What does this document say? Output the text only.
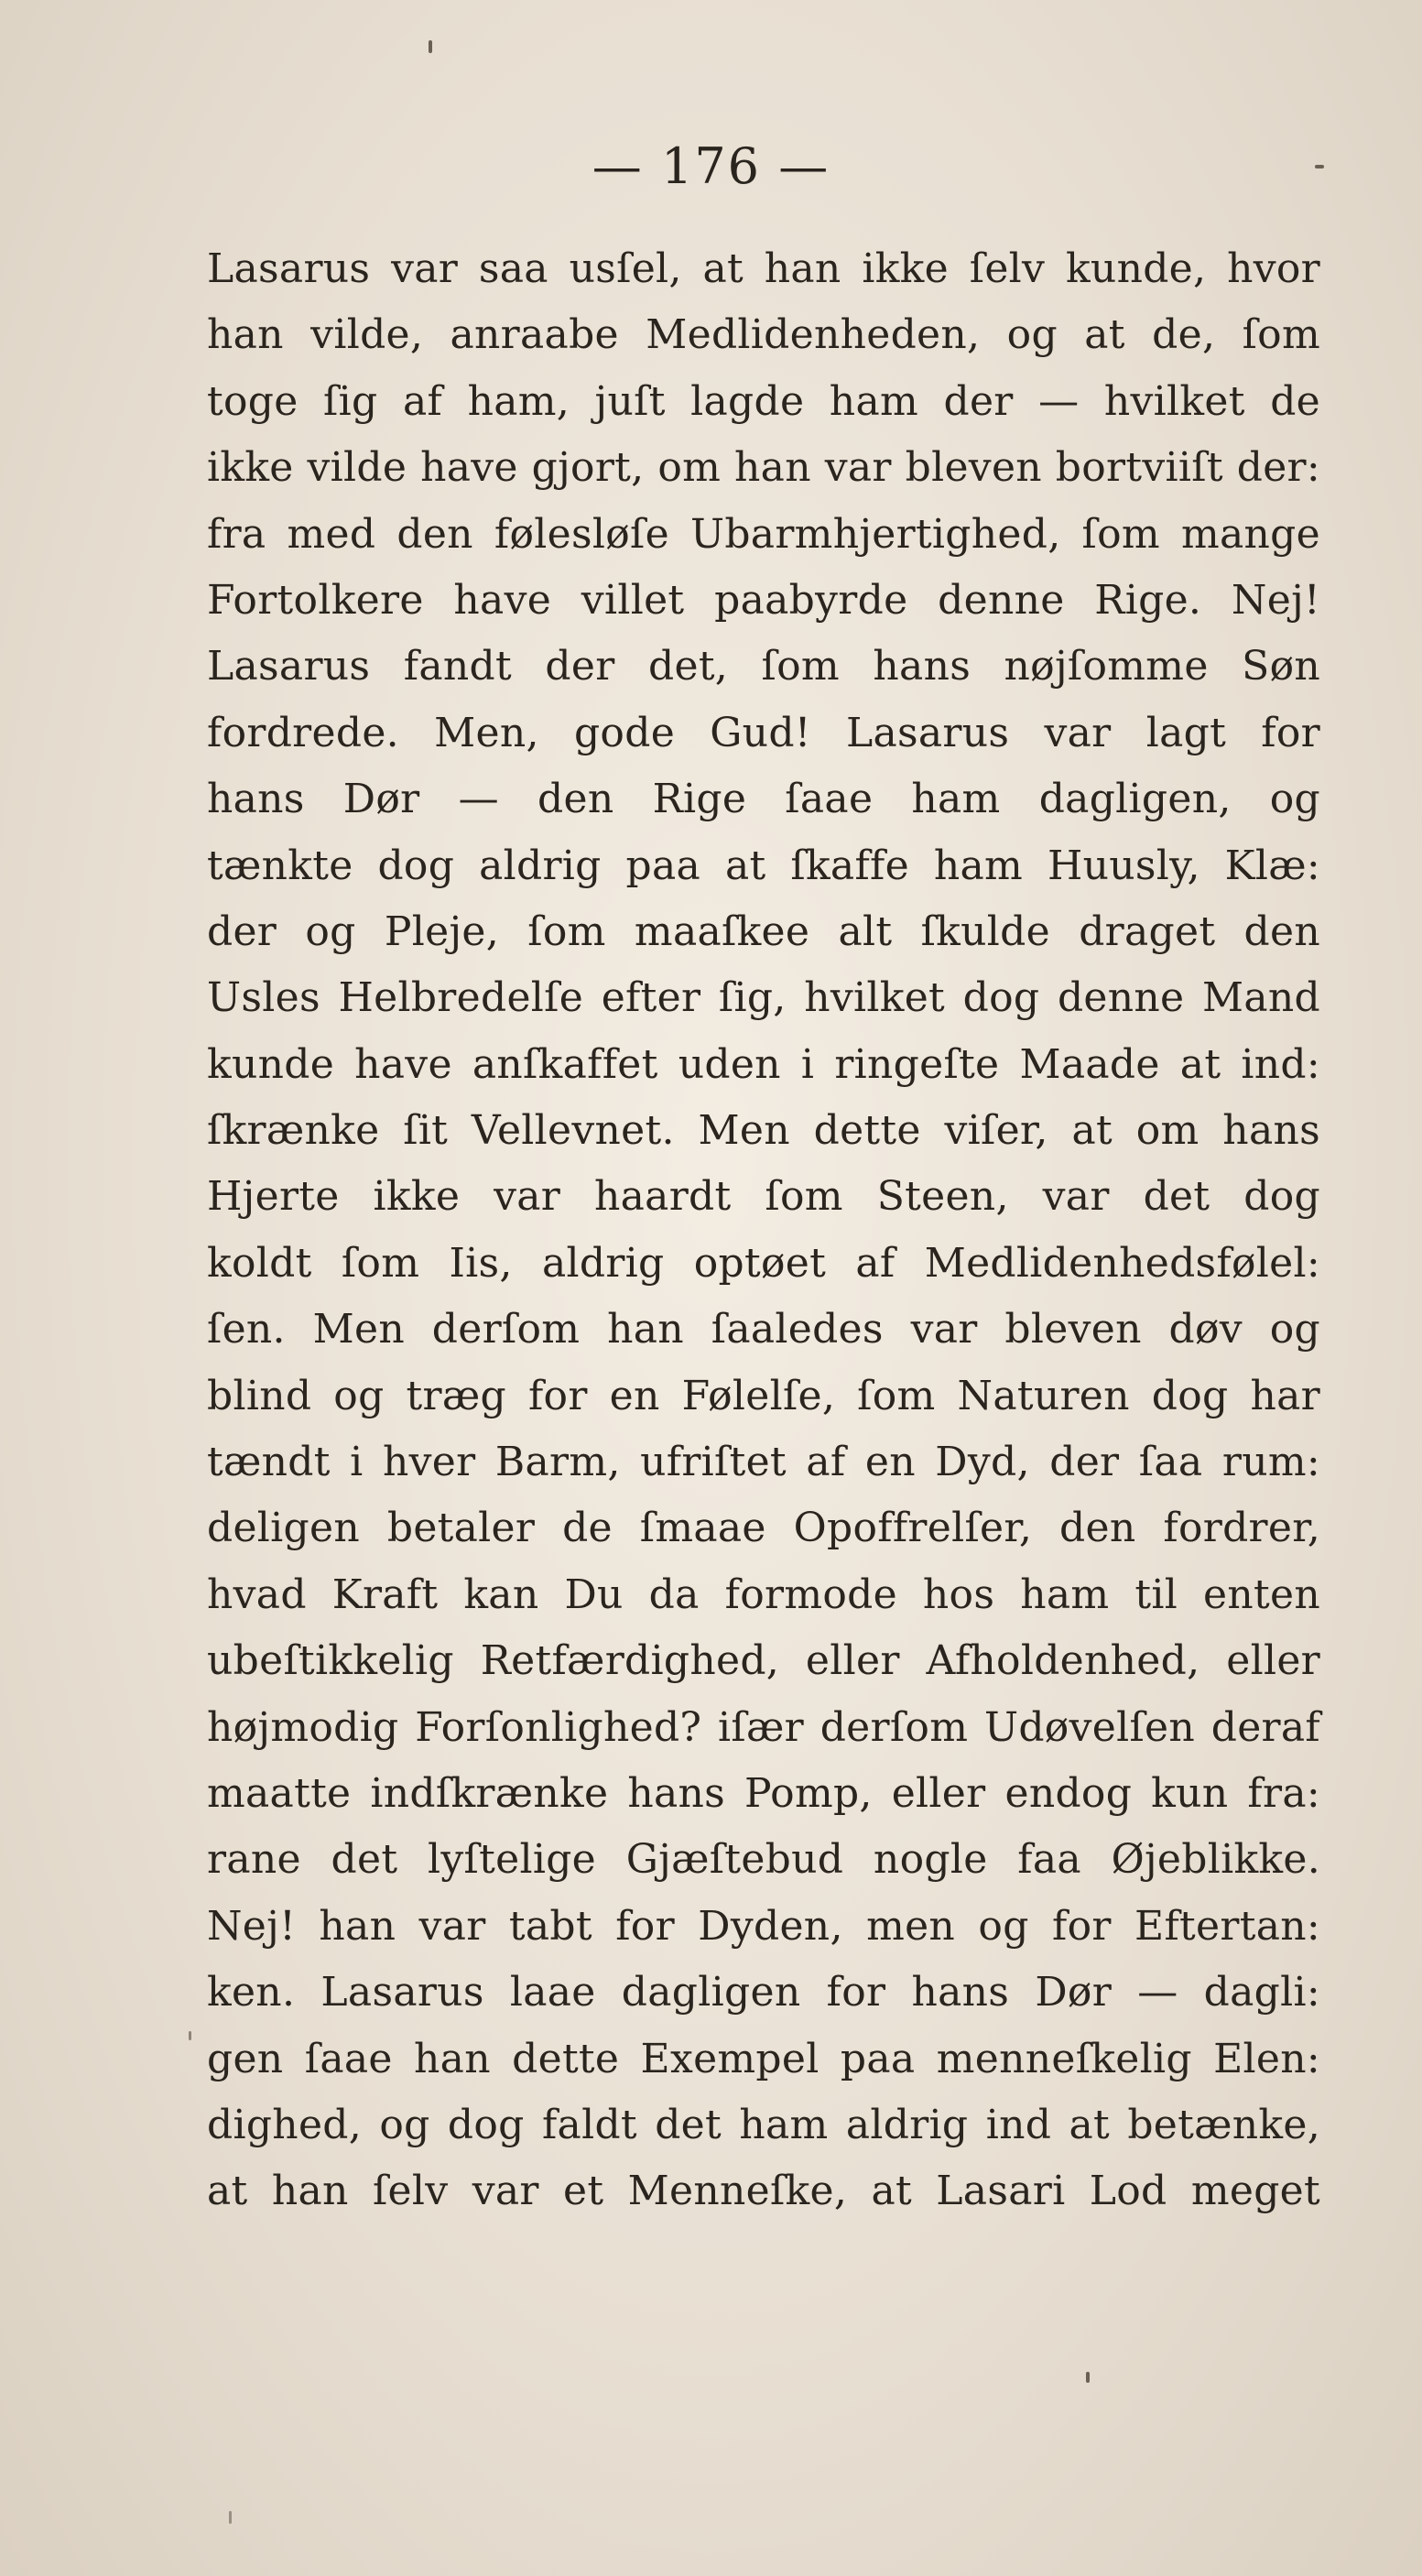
— 176 —
Lasarus var saa usſel, at han ikke ſelv kunde, hvor
han vilde, anraabe Medlidenheden, og at de, ſom
toge ſig af ham, juſt lagde ham der — hvilket de
ikke vilde have gjort, om han var bleven bortviiſt der:
fra med den følesløſe Ubarmhjertighed, ſom mange
Fortolkere have villet paabyrde denne Rige. Nej!
Lasarus fandt der det, ſom hans nøjſomme Søn
fordrede. Men, gode Gud! Lasarus var lagt for
hans Dør — den Rige ſaae ham dagligen, og
tænkte dog aldrig paa at ſkaffe ham Huusly, Klæ:
der og Pleje, ſom maaſkee alt ſkulde draget den
Usles Helbredelſe efter ſig, hvilket dog denne Mand
kunde have anſkaffet uden i ringeſte Maade at ind:
ſkrænke ſit Vellevnet. Men dette viſer, at om hans
Hjerte ikke var haardt ſom Steen, var det dog
koldt ſom Iis, aldrig optøet af Medlidenhedsfølel:
ſen. Men derſom han ſaaledes var bleven døv og
blind og træg for en Følelſe, ſom Naturen dog har
tændt i hver Barm, ufriſtet af en Dyd, der ſaa rum:
deligen betaler de ſmaae Opoffrelſer, den fordrer,
hvad Kraft kan Du da formode hos ham til enten
ubeſtikkelig Retfærdighed, eller Afholdenhed, eller
højmodig Forſonlighed? iſær derſom Udøvelſen deraf
maatte indſkrænke hans Pomp, eller endog kun fra:
rane det lyſtelige Gjæſtebud nogle faa Øjeblikke.
Nej! han var tabt for Dyden, men og for Eftertan:
ken. Lasarus laae dagligen for hans Dør — dagli:
gen ſaae han dette Exempel paa menneſkelig Elen:
dighed, og dog faldt det ham aldrig ind at betænke,
at han ſelv var et Menneſke, at Lasari Lod meget
